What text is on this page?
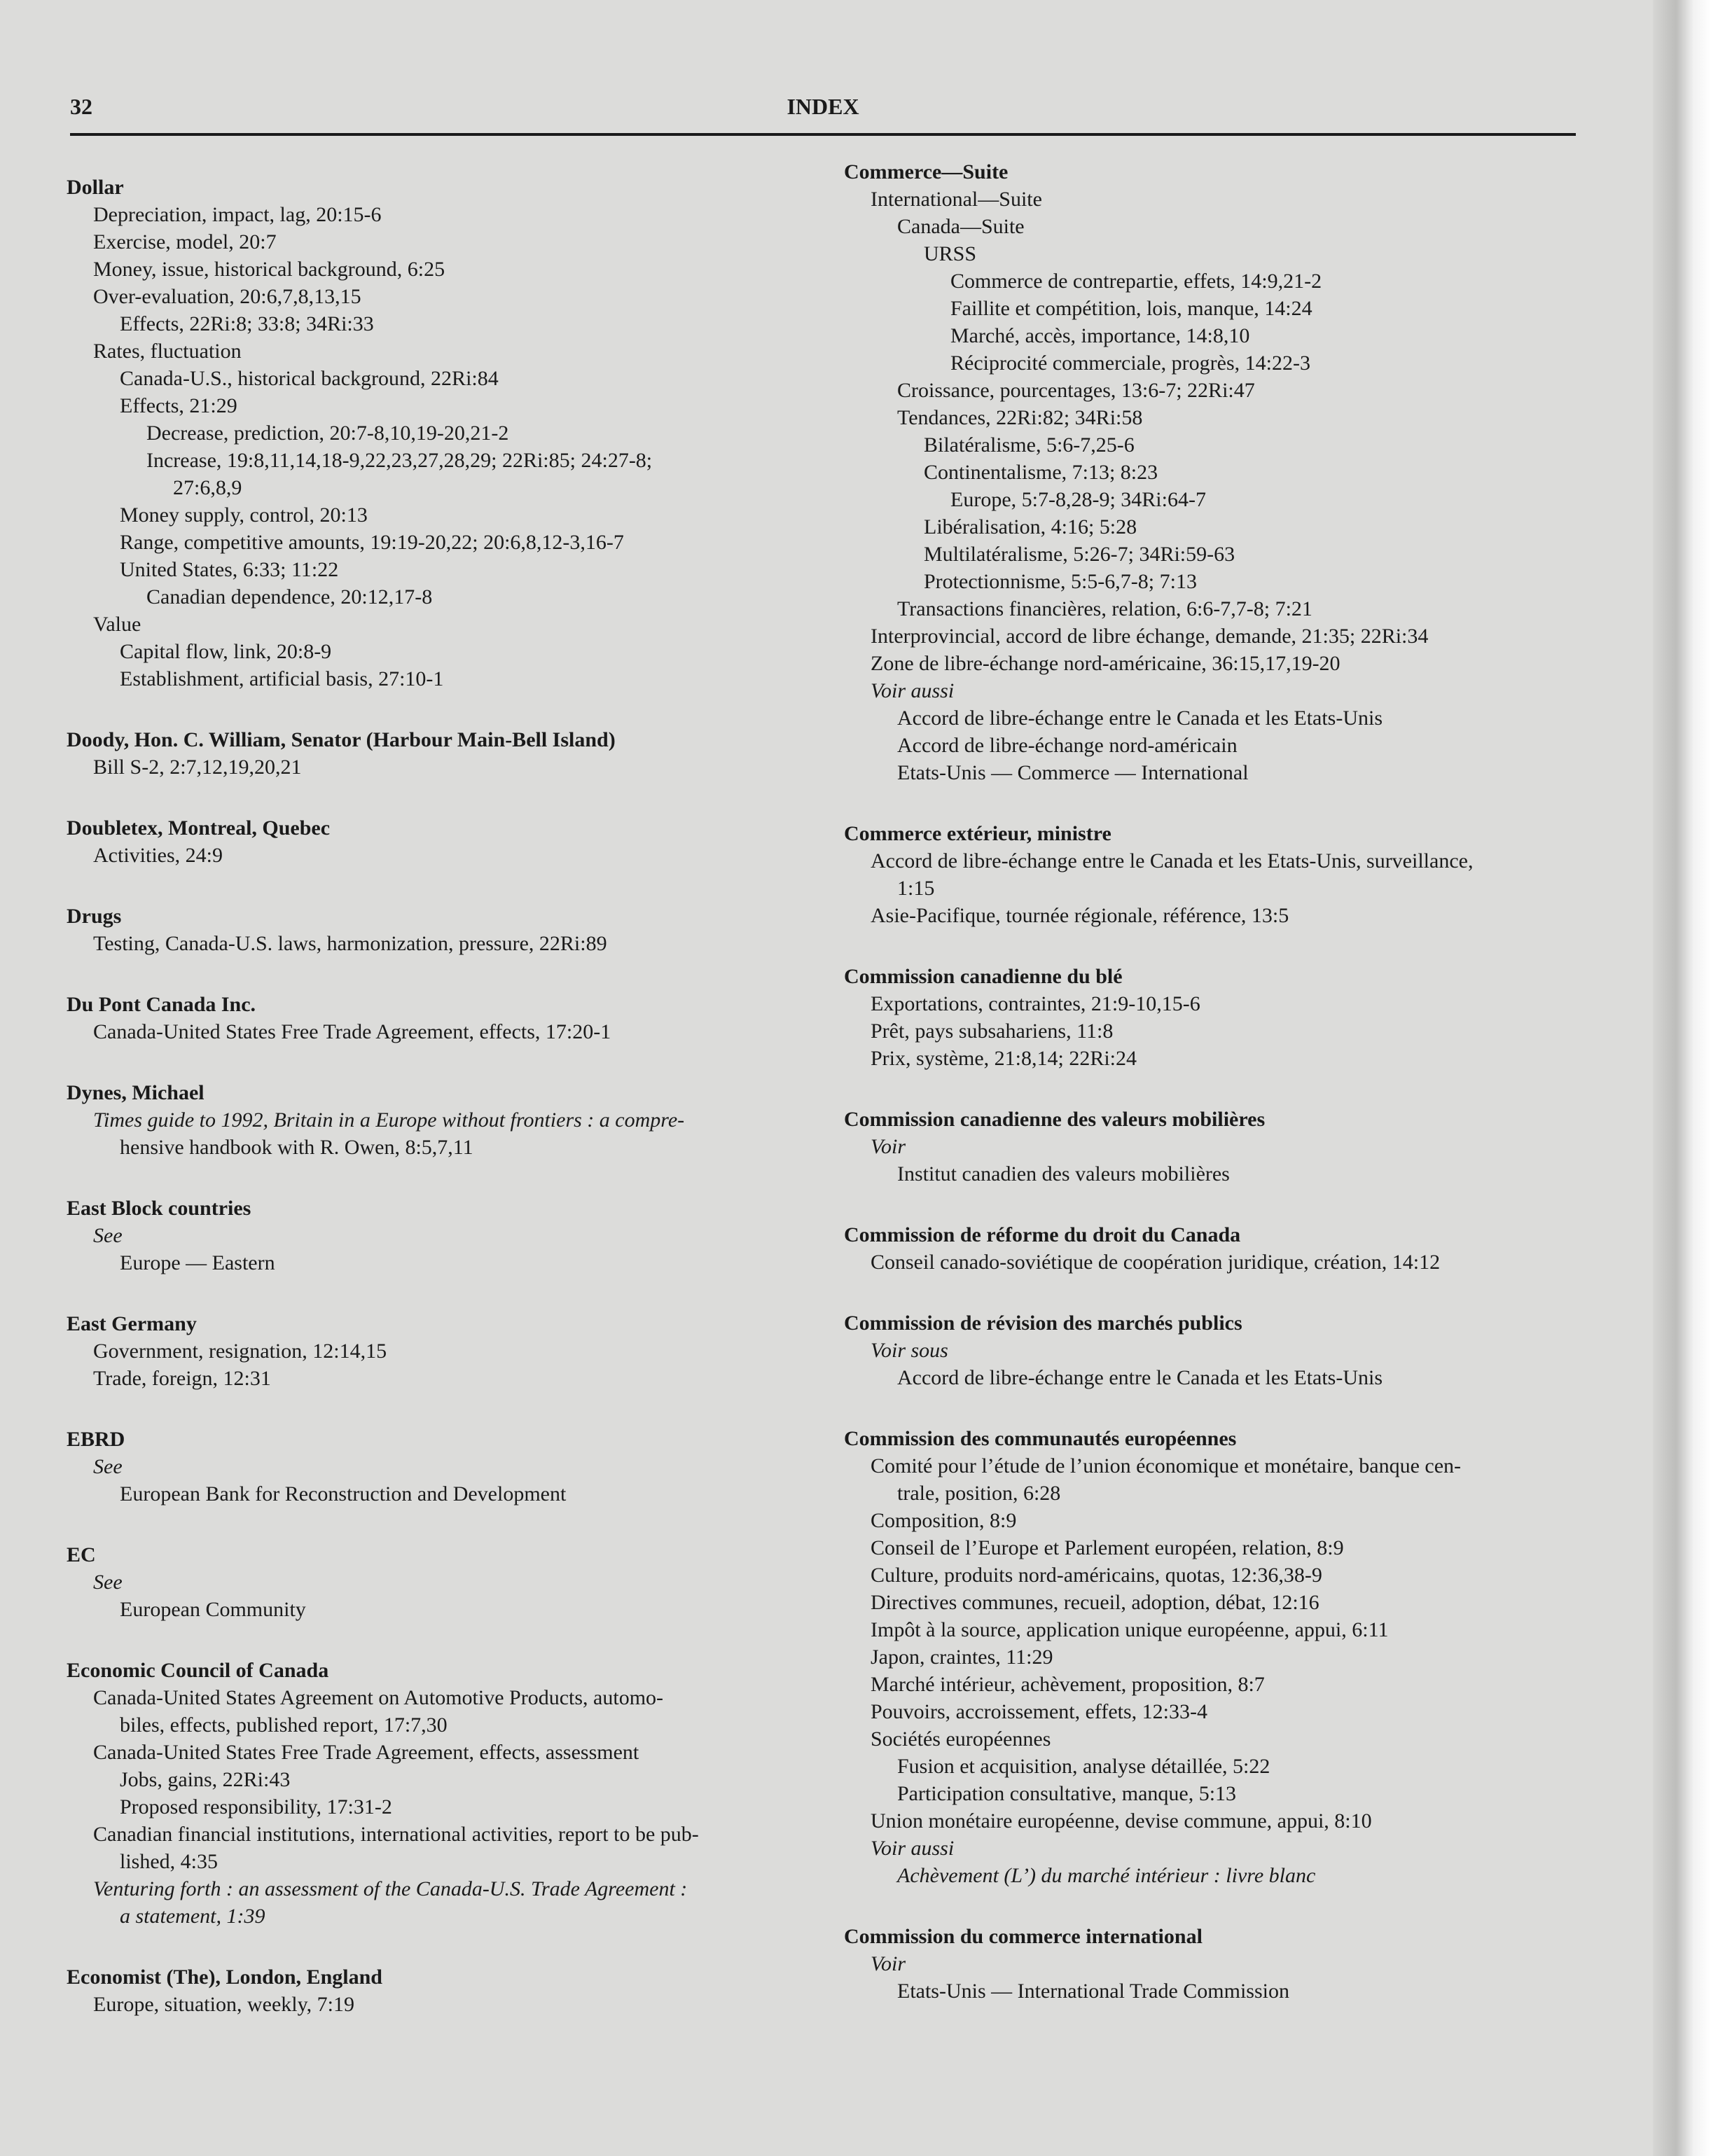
32	INDEX
Dollar
Depreciation, impact, lag, 20:15-6
Exercise, model, 20:7
Money, issue, historical background, 6:25
Over-evaluation, 20:6,7,8,13,15
Effects, 22Ri:8; 33:8; 34Ri:33
Rates, fluctuation
Canada-U.S., historical background, 22Ri:84
Effects, 21:29
Decrease, prediction, 20:7-8,10,19-20,21-2
Increase, 19:8,11,14,18-9,22,23,27,28,29; 22Ri:85; 24:27-8;
27:6,8,9
Money supply, control, 20:13
Range, competitive amounts, 19:19-20,22; 20:6,8,12-3,16-7
United States, 6:33; 11:22
Canadian dependence, 20:12,17-8
Value
Capital flow, link, 20:8-9
Establishment, artificial basis, 27:10-1
Doody, Hon. C. William, Senator (Harbour Main-Bell Island)
Bill S-2, 2:7,12,19,20,21
Doubletex, Montreal, Quebec
Activities, 24:9
Drugs
Testing, Canada-U.S. laws, harmonization, pressure, 22Ri:89
Du Pont Canada Inc.
Canada-United States Free Trade Agreement, effects, 17:20-1
Dynes, Michael
Times guide to 1992, Britain in a Europe without frontiers : a compre-
hensive handbook with R. Owen, 8:5,7,11
East Block countries
See
Europe — Eastern
East Germany
Government, resignation, 12:14,15
Trade, foreign, 12:31
EBRD
See
European Bank for Reconstruction and Development
EC
See
European Community
Economic Council of Canada
Canada-United States Agreement on Automotive Products, automo-
biles, effects, published report, 17:7,30
Canada-United States Free Trade Agreement, effects, assessment
Jobs, gains, 22Ri:43
Proposed responsibility, 17:31-2
Canadian financial institutions, international activities, report to be pub-
lished, 4:35
Venturing forth : an assessment of the Canada-U.S. Trade Agreement :
a statement, 1:39
Economist (The), London, England
Europe, situation, weekly, 7:19
Commerce—Suite
International—Suite
Canada—Suite
URSS
Commerce de contrepartie, effets, 14:9,21-2
Faillite et compétition, lois, manque, 14:24
Marché, accès, importance, 14:8,10
Réciprocité commerciale, progrès, 14:22-3
Croissance, pourcentages, 13:6-7; 22Ri:47
Tendances, 22Ri:82; 34Ri:58
Bilatéralisme, 5:6-7,25-6
Continentalisme, 7:13; 8:23
Europe, 5:7-8,28-9; 34Ri:64-7
Libéralisation, 4:16; 5:28
Multilatéralisme, 5:26-7; 34Ri:59-63
Protectionnisme, 5:5-6,7-8; 7:13
Transactions financières, relation, 6:6-7,7-8; 7:21
Interprovincial, accord de libre échange, demande, 21:35; 22Ri:34
Zone de libre-échange nord-américaine, 36:15,17,19-20
Voir aussi
Accord de libre-échange entre le Canada et les Etats-Unis
Accord de libre-échange nord-américain
Etats-Unis — Commerce — International
Commerce extérieur, ministre
Accord de libre-échange entre le Canada et les Etats-Unis, surveillance,
1:15
Asie-Pacifique, tournée régionale, référence, 13:5
Commission canadienne du blé
Exportations, contraintes, 21:9-10,15-6
Prêt, pays subsahariens, 11:8
Prix, système, 21:8,14; 22Ri:24
Commission canadienne des valeurs mobilières
Voir
Institut canadien des valeurs mobilières
Commission de réforme du droit du Canada
Conseil canado-soviétique de coopération juridique, création, 14:12
Commission de révision des marchés publics
Voir sous
Accord de libre-échange entre le Canada et les Etats-Unis
Commission des communautés européennes
Comité pour l’étude de l’union économique et monétaire, banque cen-
trale, position, 6:28
Composition, 8:9
Conseil de l’Europe et Parlement européen, relation, 8:9
Culture, produits nord-américains, quotas, 12:36,38-9
Directives communes, recueil, adoption, débat, 12:16
Impôt à la source, application unique européenne, appui, 6:11
Japon, craintes, 11:29
Marché intérieur, achèvement, proposition, 8:7
Pouvoirs, accroissement, effets, 12:33-4
Sociétés européennes
Fusion et acquisition, analyse détaillée, 5:22
Participation consultative, manque, 5:13
Union monétaire européenne, devise commune, appui, 8:10
Voir aussi
Achèvement (L’) du marché intérieur : livre blanc
Commission du commerce international
Voir
Etats-Unis — International Trade Commission
